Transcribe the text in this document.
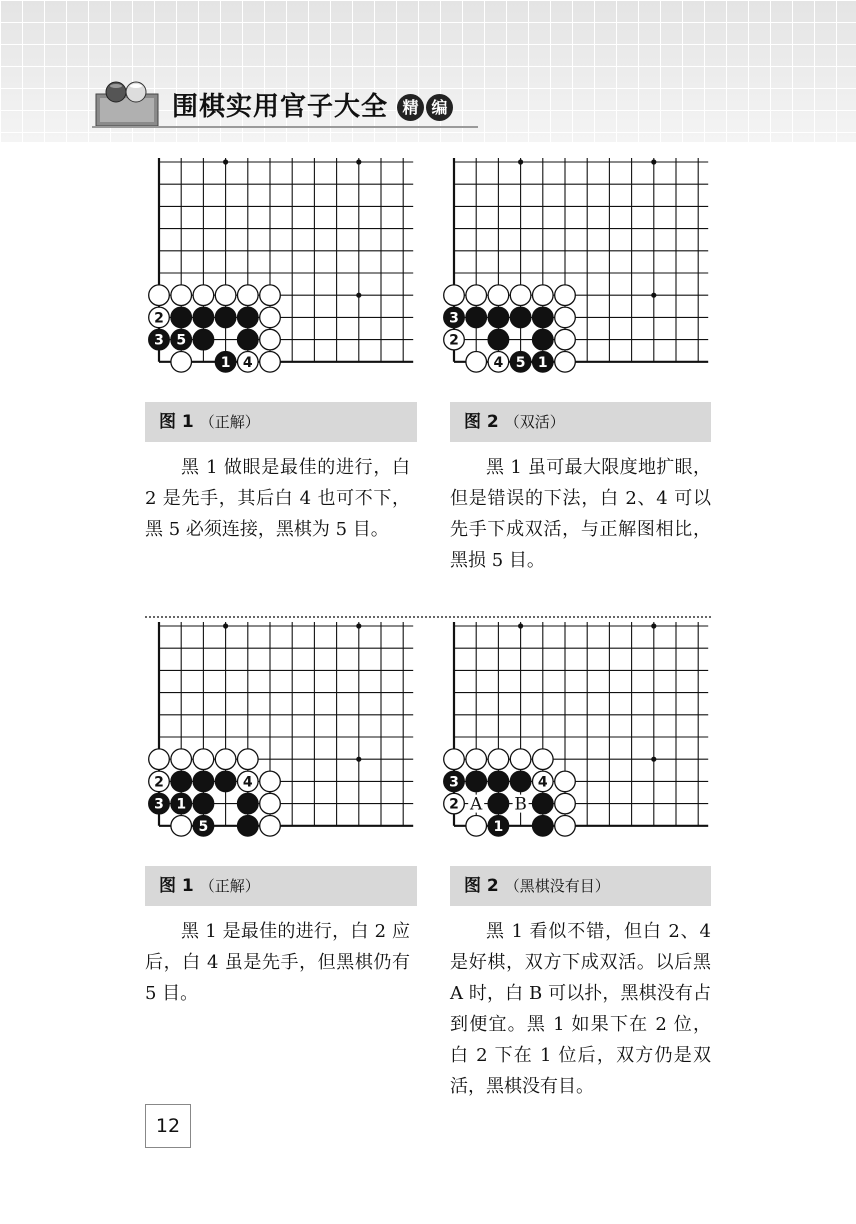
围棋实用官子大全 精 编
2
3 5
1 4
3
2
4 5 1
2	4
3 1
5
3	4
2
1
A B
图 1 （正解）	图 2 （双活）
图 1 （正解）	图 2 （黑棋没有目）

黑 1 做眼是最佳的进行，白 2 是先手，其后白 4 也可不下，黑 5 必须连接，黑棋为 5 目。

黑 1 虽可最大限度地扩眼，但是错误的下法，白 2、4 可以先手下成双活，与正解图相比，黑损 5 目。

黑 1 是最佳的进行，白 2 应后，白 4 虽是先手，但黑棋仍有 5 目。

黑 1 看似不错，但白 2、4 是好棋，双方下成双活。以后黑 A 时，白 B 可以扑，黑棋没有占到便宜。黑 1 如果下在 2 位，白 2 下在 1 位后，双方仍是双活，黑棋没有目。

12
